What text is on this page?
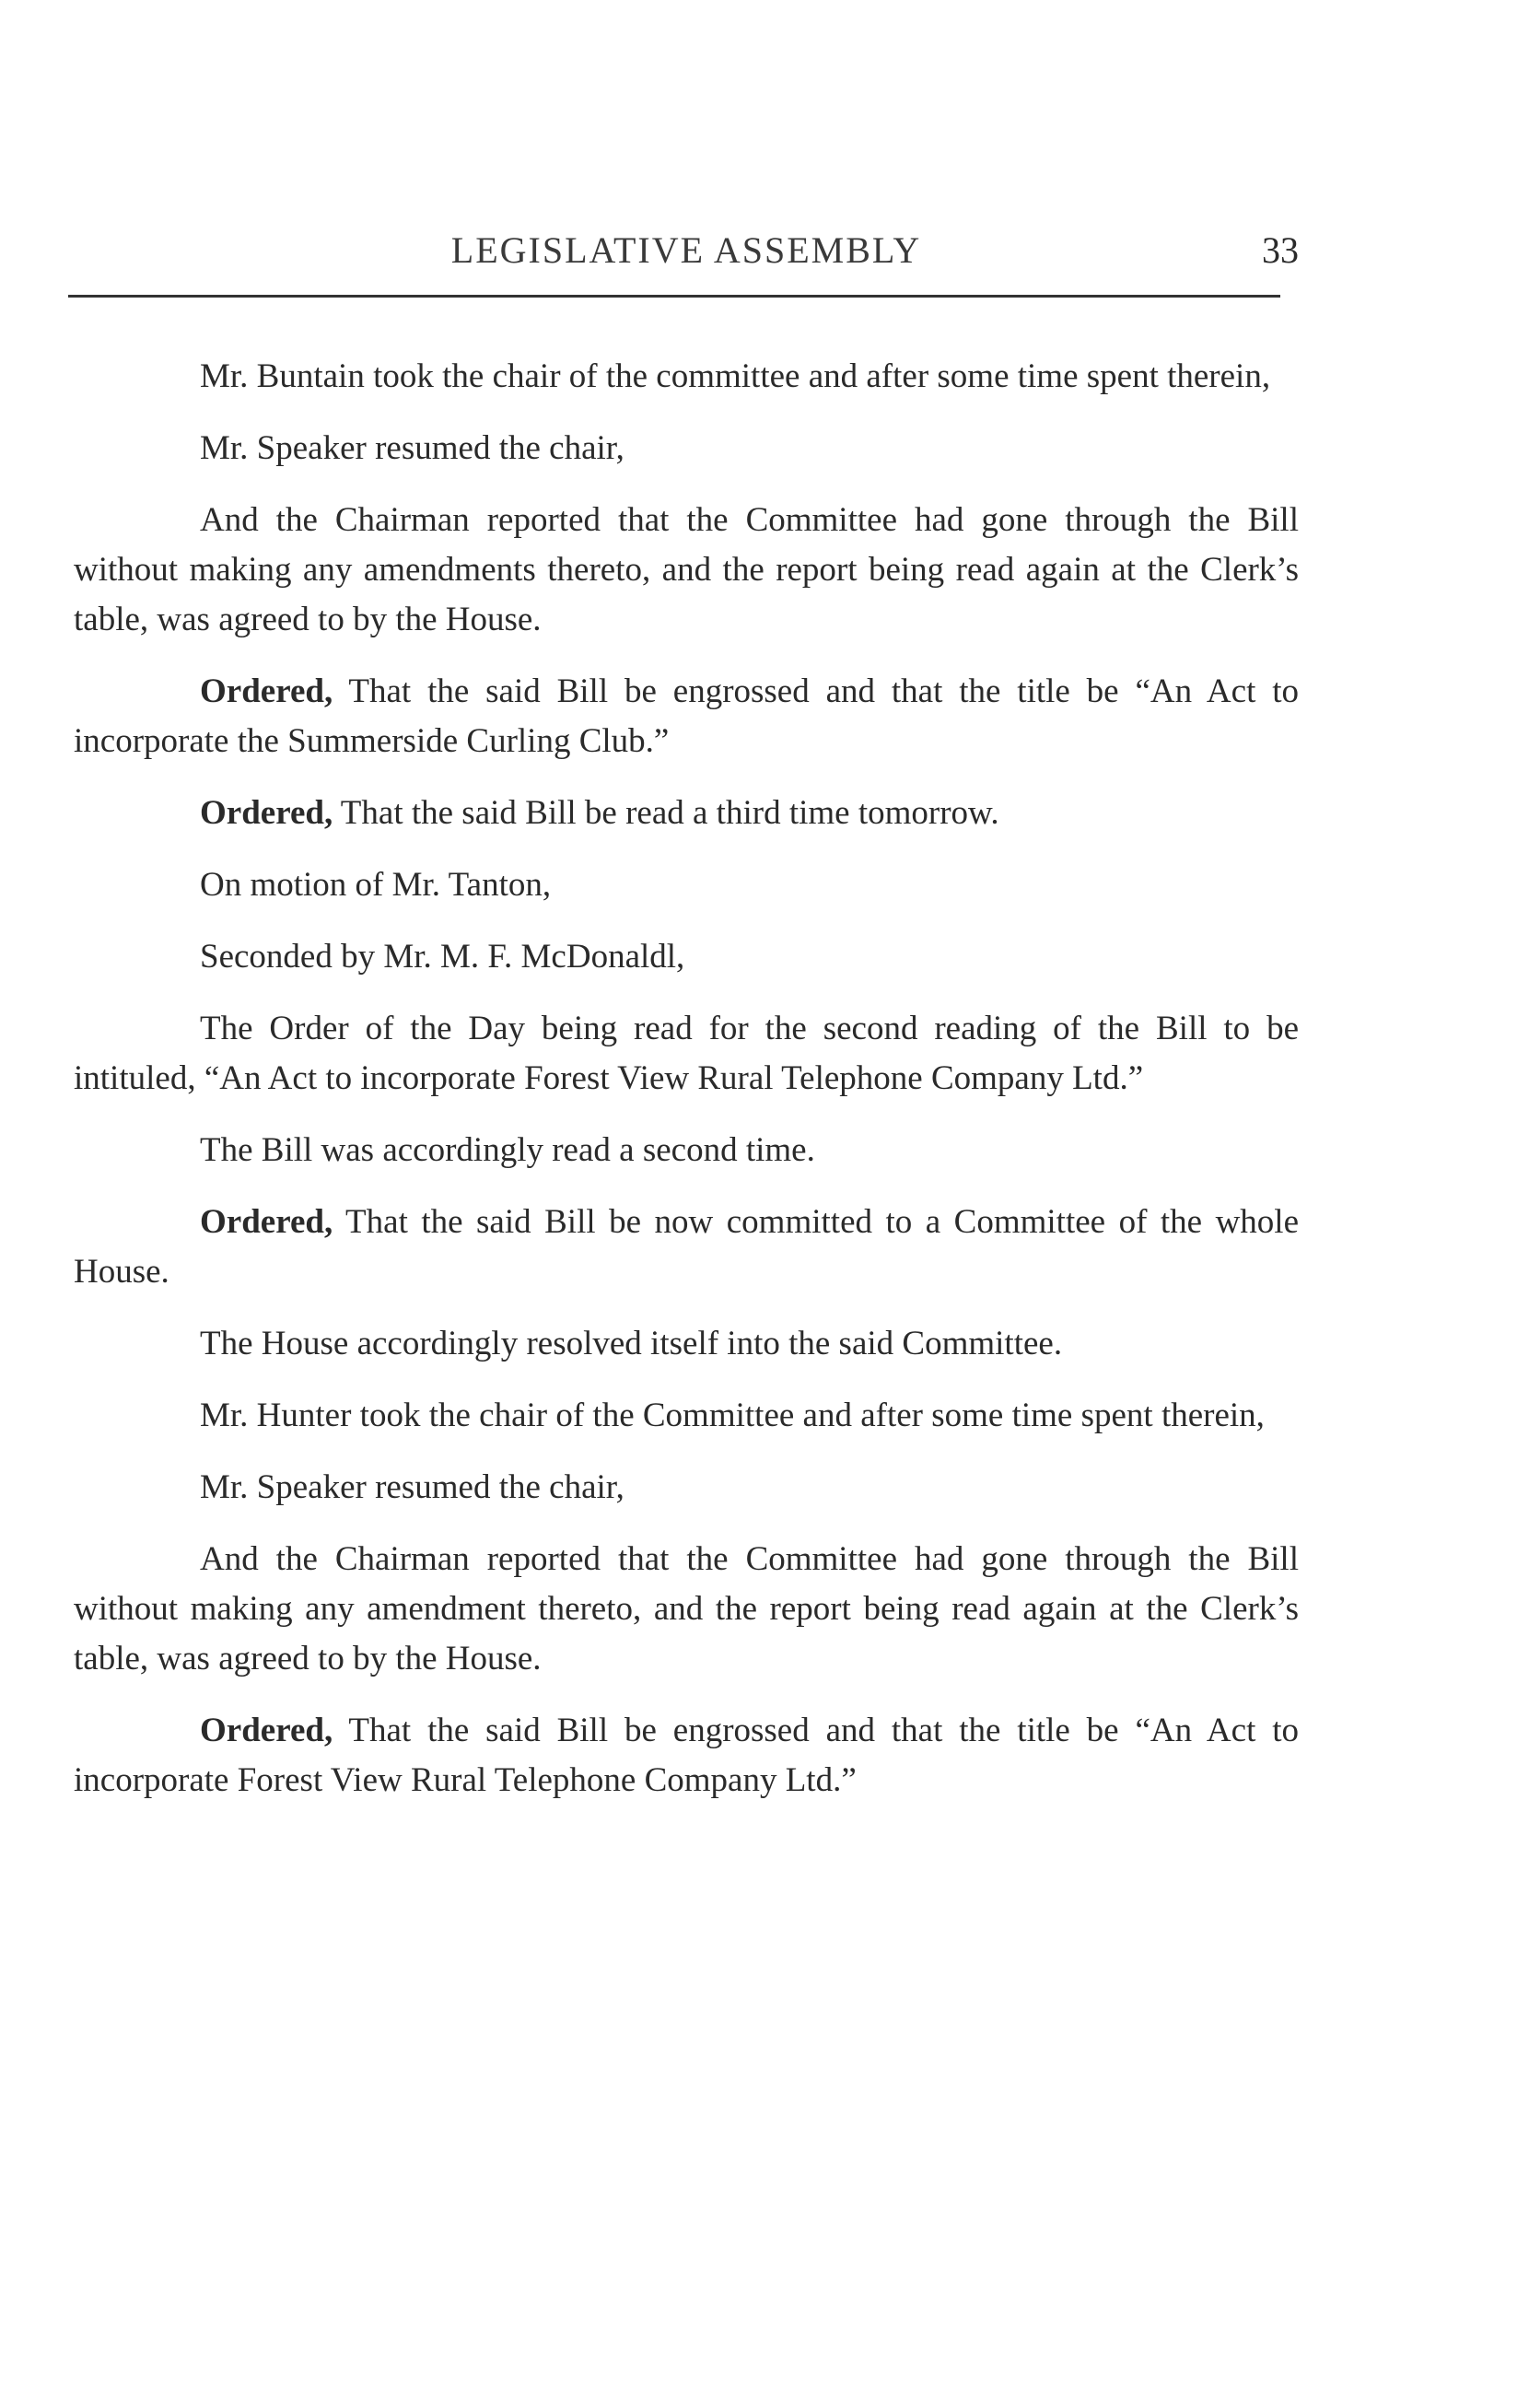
LEGISLATIVE ASSEMBLY	33

Mr. Buntain took the chair of the committee and after some time spent therein,

Mr. Speaker resumed the chair,

And the Chairman reported that the Committee had gone through the Bill without making any amendments thereto, and the report being read again at the Clerk’s table, was agreed to by the House.

Ordered, That the said Bill be engrossed and that the title be “An Act to incorporate the Summerside Curling Club.”

Ordered, That the said Bill be read a third time tomorrow.

On motion of Mr. Tanton,

Seconded by Mr. M. F. McDonaldl,

The Order of the Day being read for the second reading of the Bill to be intituled, “An Act to incorporate Forest View Rural Telephone Company Ltd.”

The Bill was accordingly read a second time.

Ordered, That the said Bill be now committed to a Committee of the whole House.

The House accordingly resolved itself into the said Committee.

Mr. Hunter took the chair of the Committee and after some time spent therein,

Mr. Speaker resumed the chair,

And the Chairman reported that the Committee had gone through the Bill without making any amendment thereto, and the report being read again at the Clerk’s table, was agreed to by the House.

Ordered, That the said Bill be engrossed and that the title be “An Act to incorporate Forest View Rural Telephone Company Ltd.”
